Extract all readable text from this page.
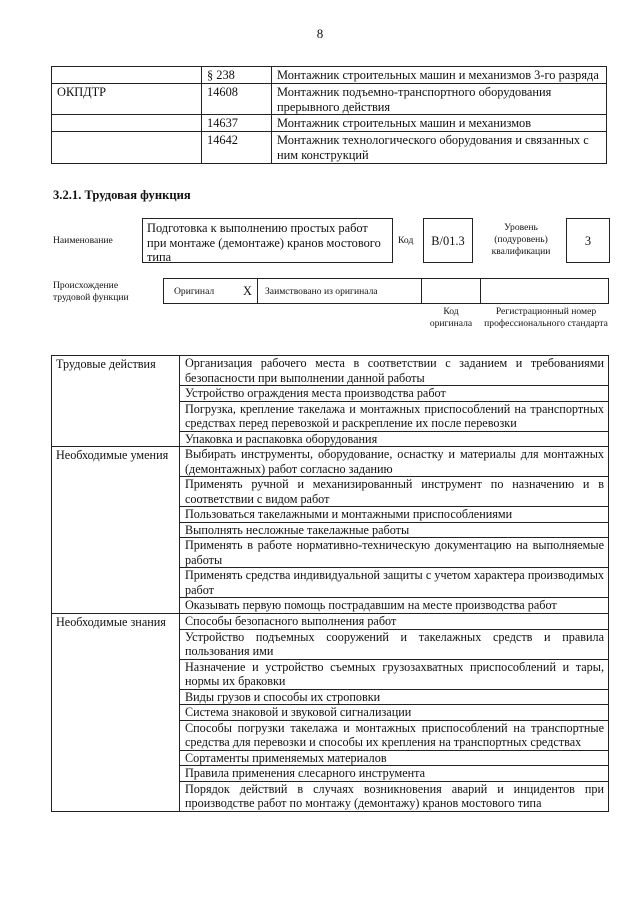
8
	§ 238	Монтажник строительных машин и механизмов 3-го разряда
ОКПДТР	14608	Монтажник подъемно-транспортного оборудования прерывного действия
	14637	Монтажник строительных машин и механизмов
	14642	Монтажник технологического оборудования и связанных с ним конструкций
3.2.1. Трудовая функция
Наименование
Подготовка к выполнению простых работ при монтаже (демонтаже) кранов мостового типа
Код	B/01.3
Уровень (подуровень) квалификации
3
Происхождение трудовой функции	Оригинал X Заимствовано из оригинала
Код оригинала
Регистрационный номер профессионального стандарта
Трудовые действия	Организация рабочего места в соответствии с заданием и требованиями безопасности при выполнении данной работы
	Устройство ограждения места производства работ
	Погрузка, крепление такелажа и монтажных приспособлений на транспортных средствах перед перевозкой и раскрепление их после перевозки
	Упаковка и распаковка оборудования
Необходимые умения	Выбирать инструменты, оборудование, оснастку и материалы для монтажных (демонтажных) работ согласно заданию
	Применять ручной и механизированный инструмент по назначению и в соответствии с видом работ
	Пользоваться такелажными и монтажными приспособлениями
	Выполнять несложные такелажные работы
	Применять в работе нормативно-техническую документацию на выполняемые работы
	Применять средства индивидуальной защиты с учетом характера производимых работ
	Оказывать первую помощь пострадавшим на месте производства работ
Необходимые знания	Способы безопасного выполнения работ
	Устройство подъемных сооружений и такелажных средств и правила пользования ими
	Назначение и устройство съемных грузозахватных приспособлений и тары, нормы их браковки
	Виды грузов и способы их строповки
	Система знаковой и звуковой сигнализации
	Способы погрузки такелажа и монтажных приспособлений на транспортные средства для перевозки и способы их крепления на транспортных средствах
	Сортаменты применяемых материалов
	Правила применения слесарного инструмента
	Порядок действий в случаях возникновения аварий и инцидентов при производстве работ по монтажу (демонтажу) кранов мостового типа
